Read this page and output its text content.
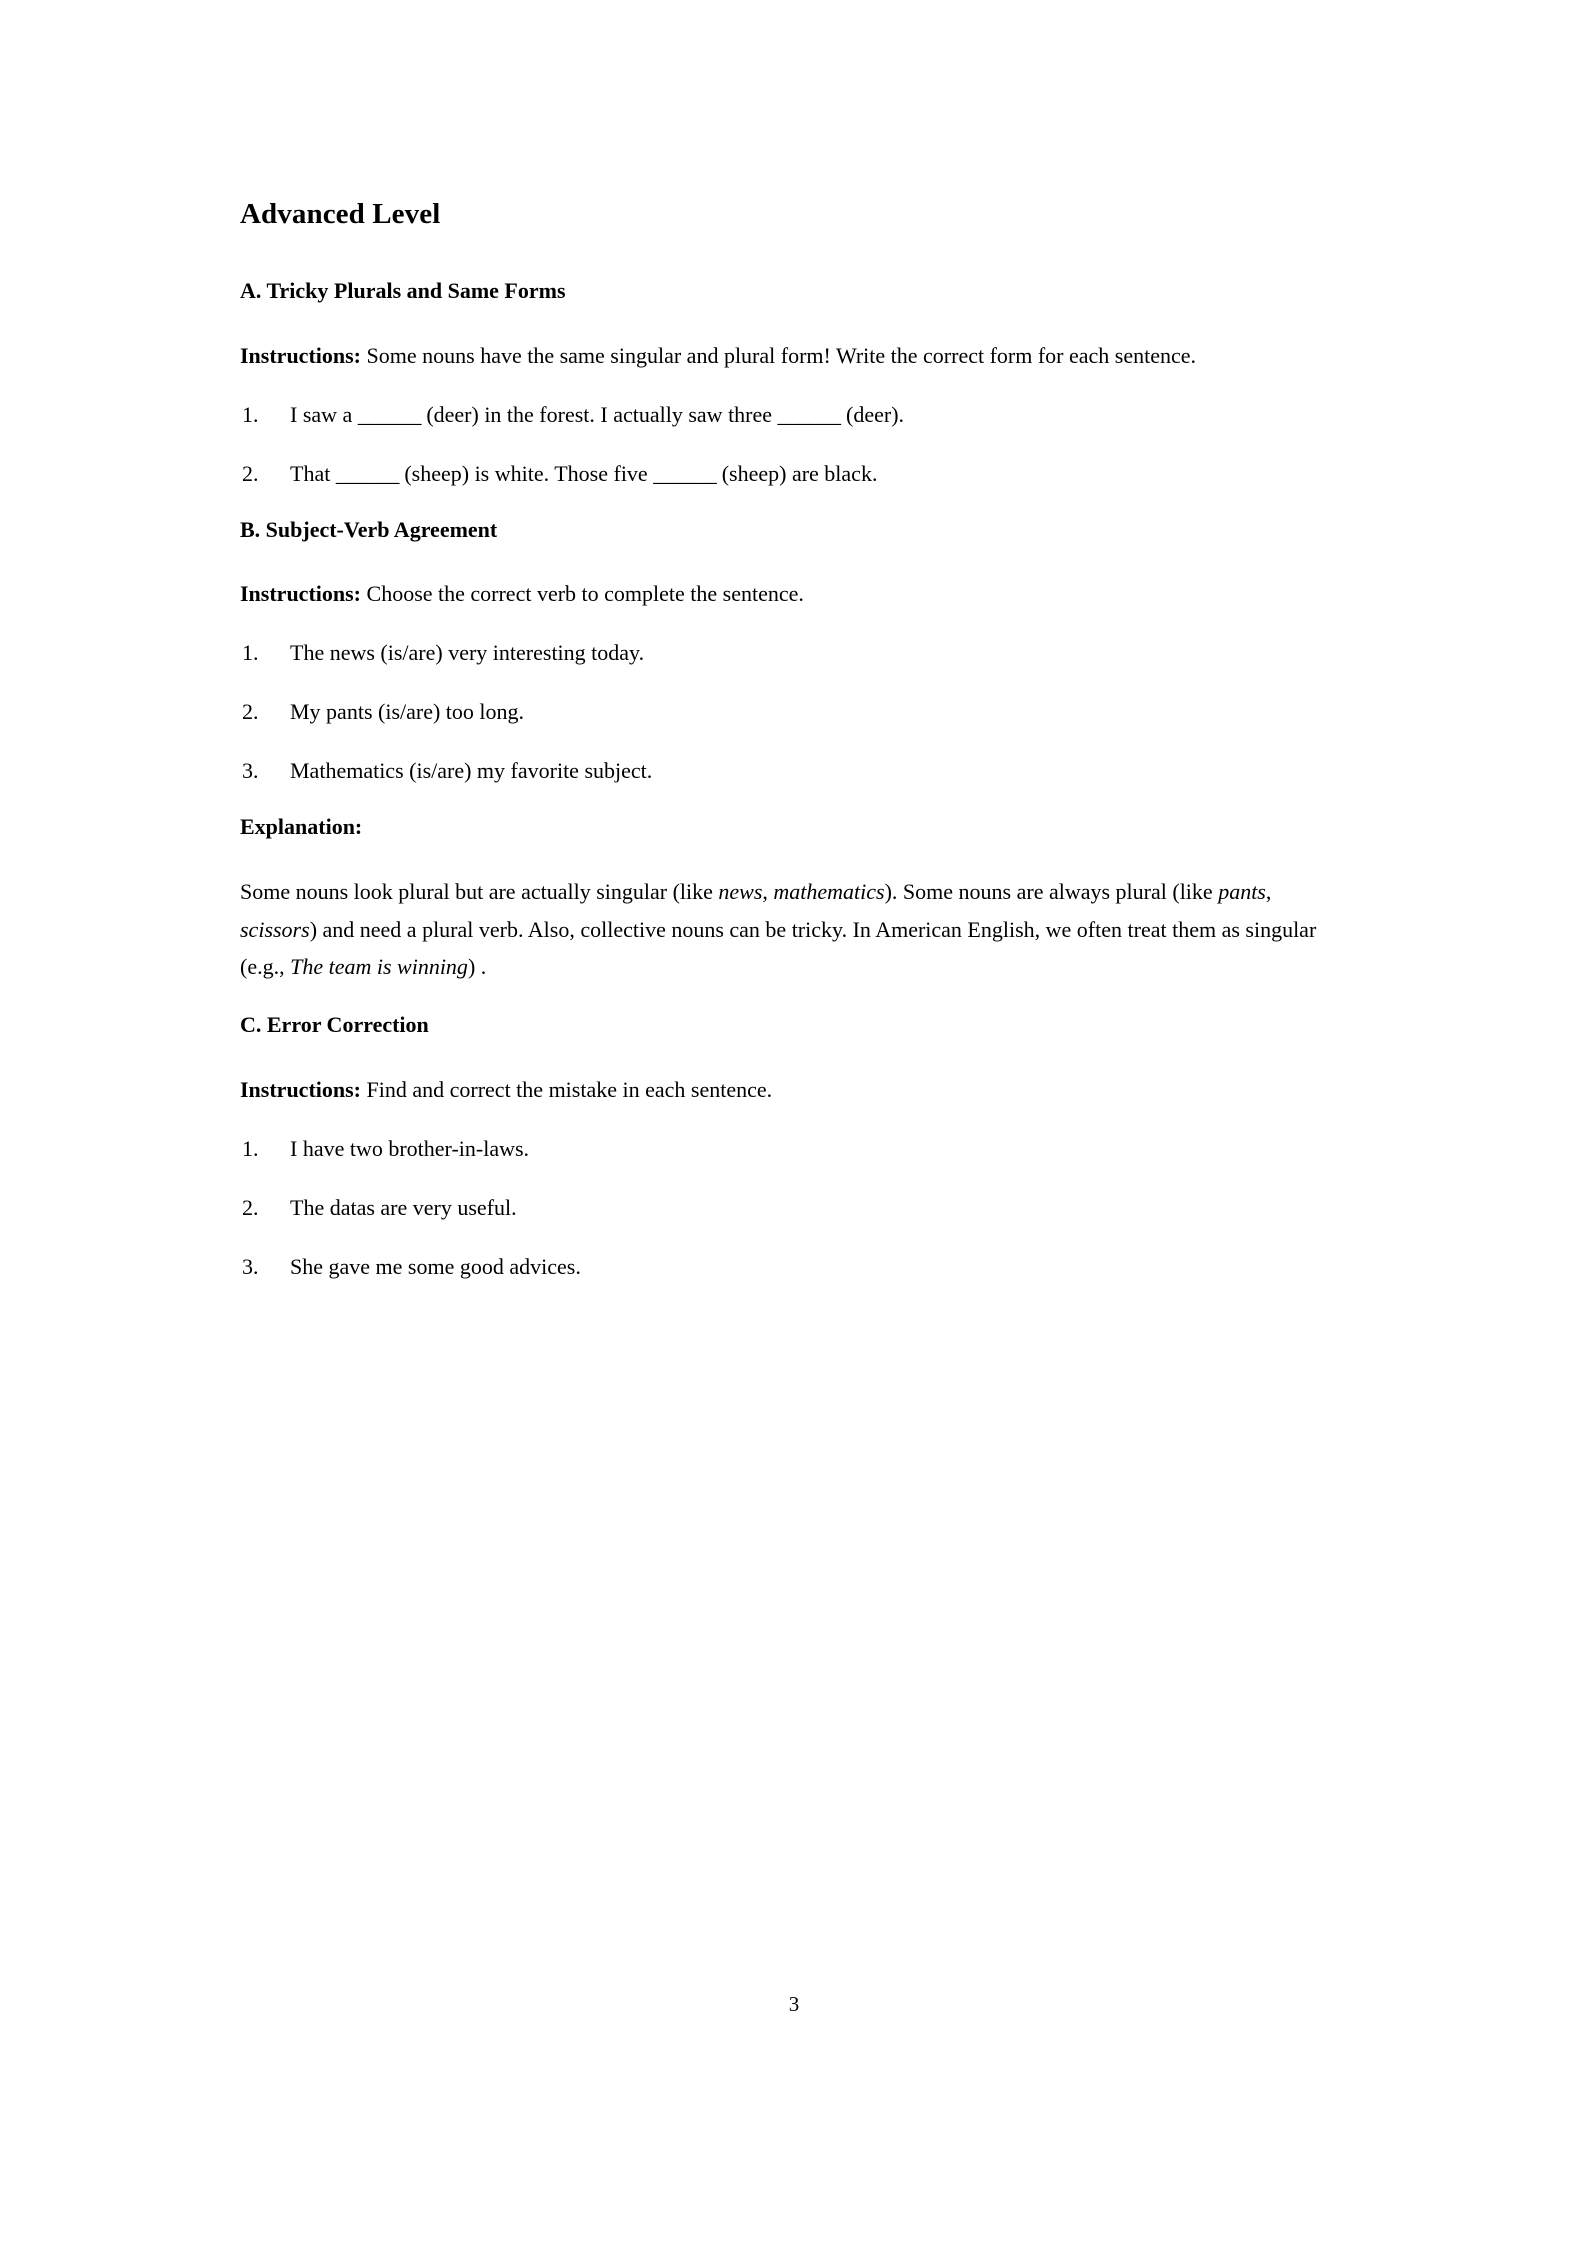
Advanced Level
A. Tricky Plurals and Same Forms

Instructions: Some nouns have the same singular and plural form! Write the correct form for each sentence.

1.	I saw a ______ (deer) in the forest. I actually saw three ______ (deer).
2.	That ______ (sheep) is white. Those five ______ (sheep) are black.
B. Subject-Verb Agreement

Instructions: Choose the correct verb to complete the sentence.

1.	The news (is/are) very interesting today.
2.	My pants (is/are) too long.
3.	Mathematics (is/are) my favorite subject.
Explanation:

Some nouns look plural but are actually singular (like news, mathematics). Some nouns are always plural (like pants, scissors) and need a plural verb. Also, collective nouns can be tricky. In American English, we often treat them as singular (e.g., The team is winning) .

C. Error Correction

Instructions: Find and correct the mistake in each sentence.

1.	I have two brother-in-laws.
2.	The datas are very useful.
3.	She gave me some good advices.
3
